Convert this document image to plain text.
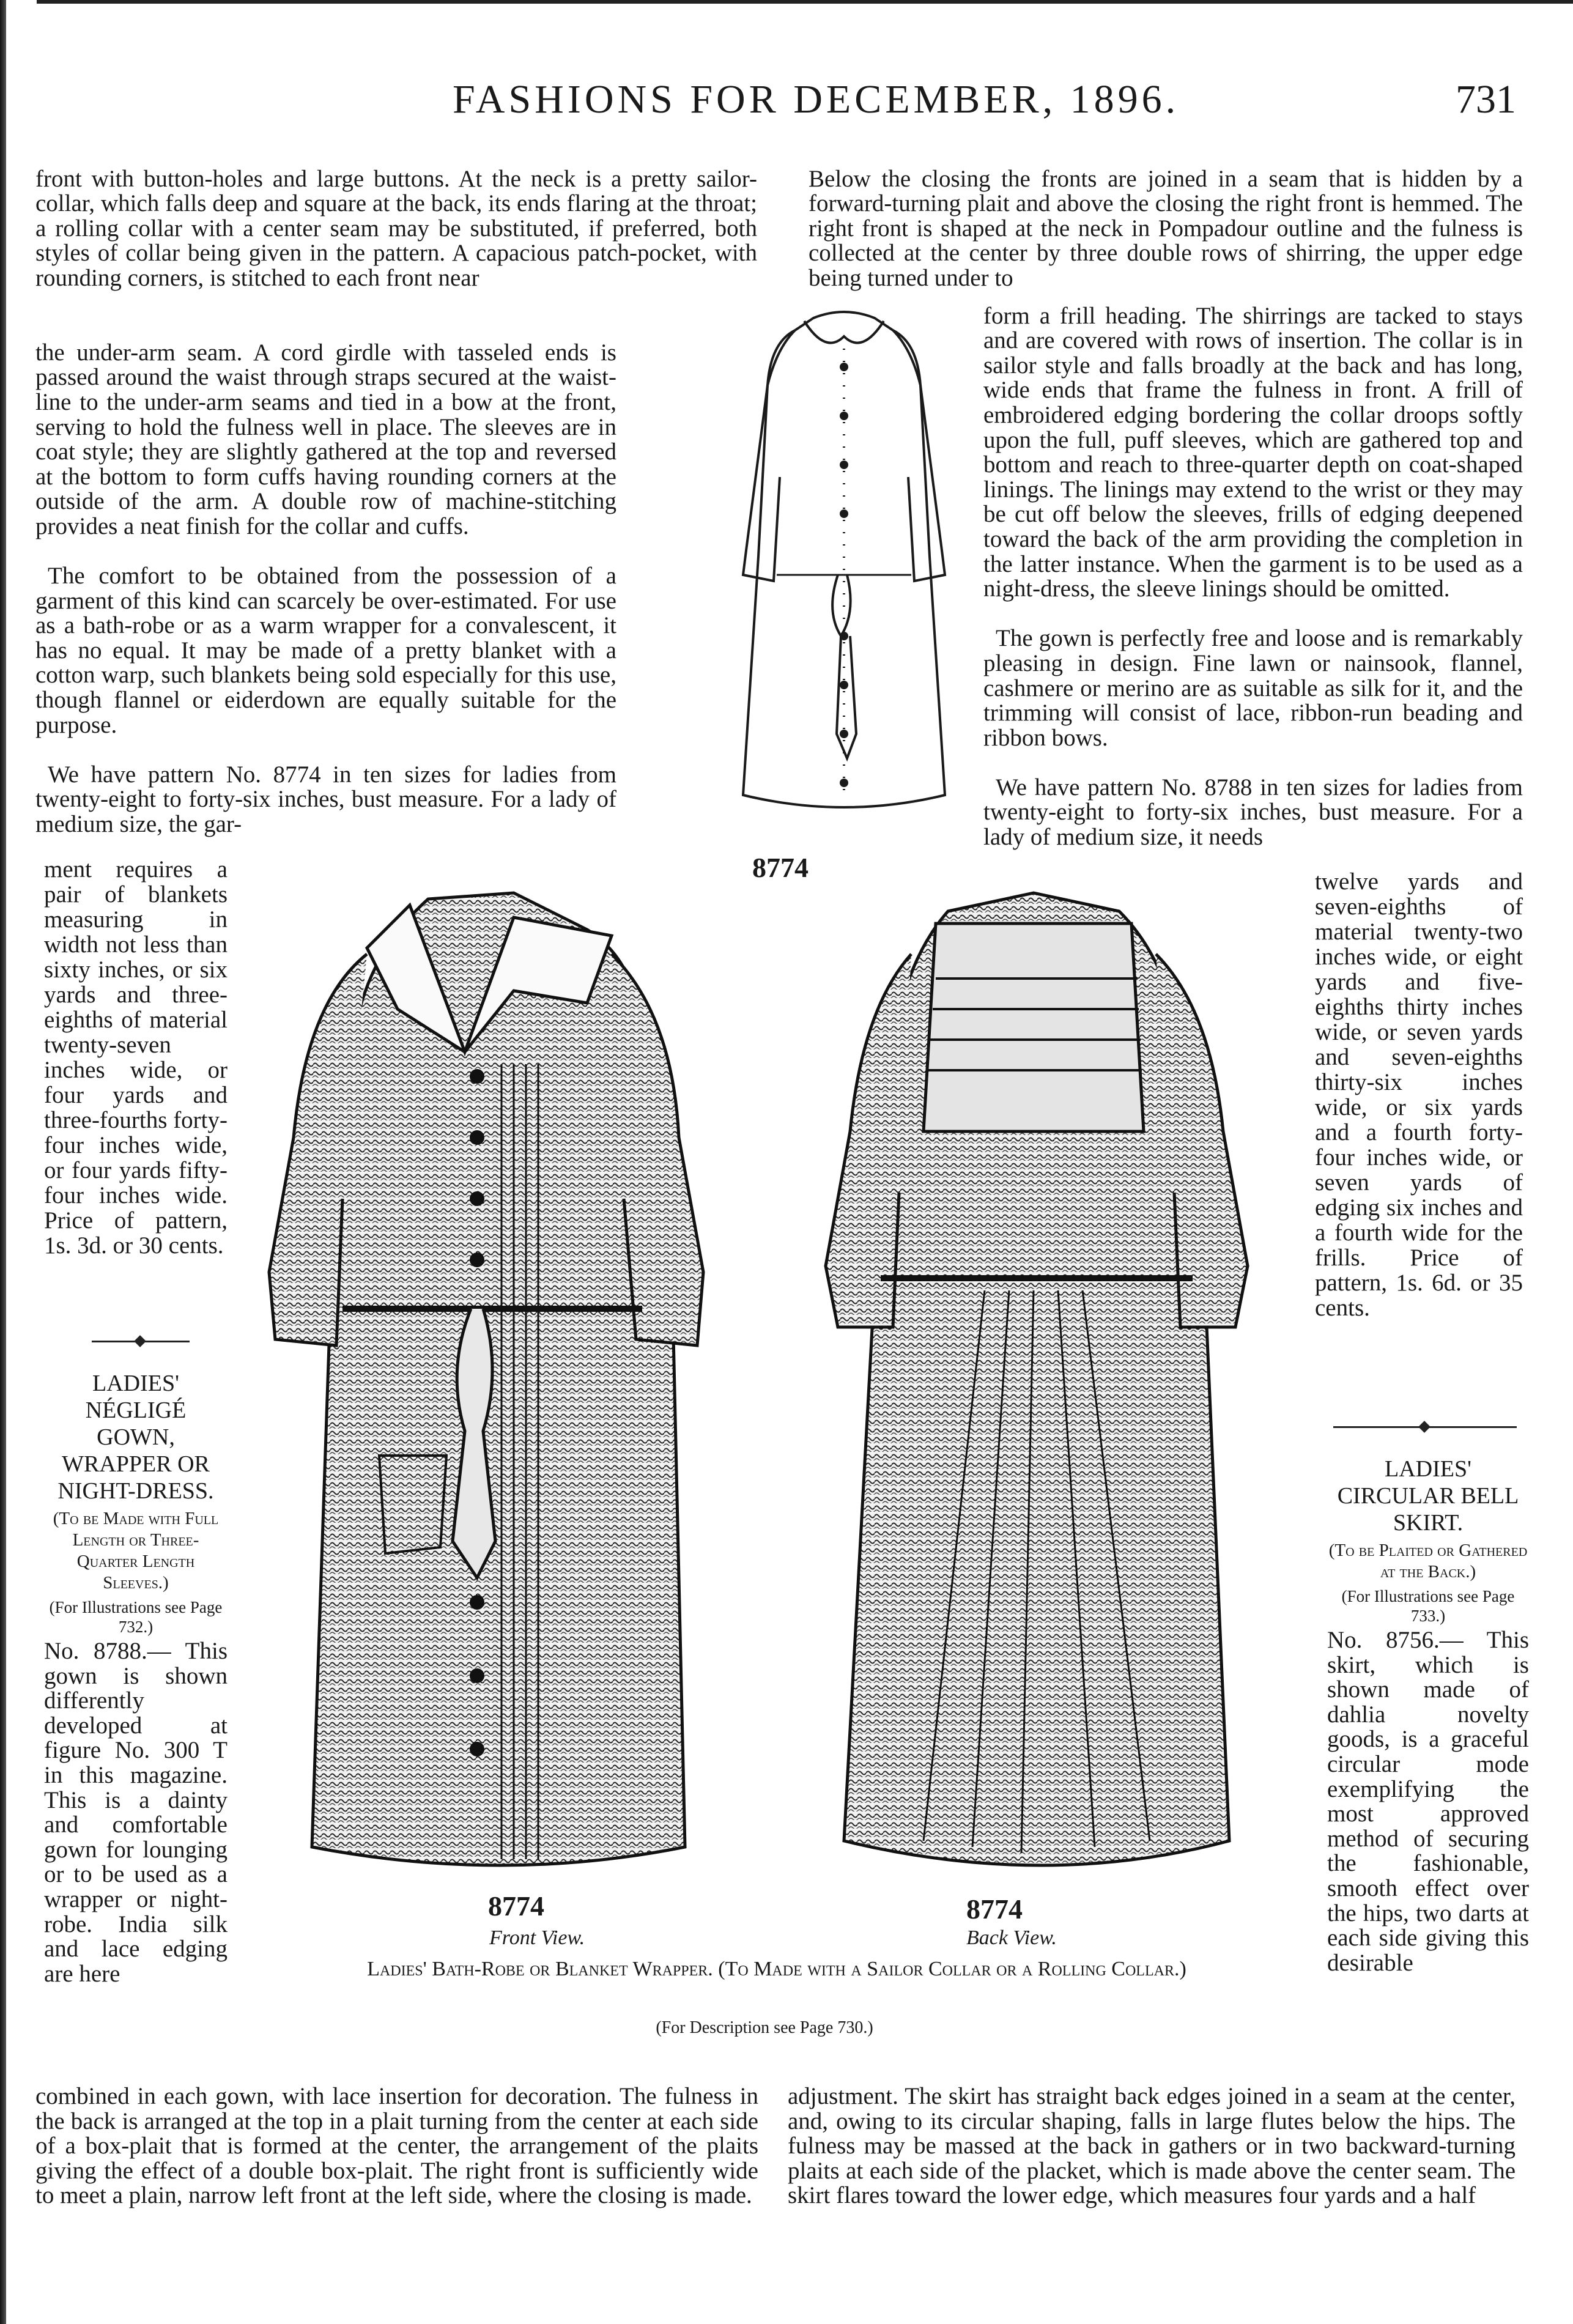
FASHIONS FOR DECEMBER, 1896.	731

front with button-holes and large buttons. At the neck is a pretty sailor-collar, which falls deep and square at the back, its ends flaring at the throat; a rolling collar with a center seam may be substituted, if preferred, both styles of collar being given in the pattern. A capacious patch-pocket, with rounding corners, is stitched to each front near

the under-arm seam. A cord girdle with tasseled ends is passed around the waist through straps secured at the waist-line to the under-arm seams and tied in a bow at the front, serving to hold the fulness well in place. The sleeves are in coat style; they are slightly gathered at the top and reversed at the bottom to form cuffs having rounding corners at the outside of the arm. A double row of machine-stitching provides a neat finish for the collar and cuffs.

The comfort to be obtained from the possession of a garment of this kind can scarcely be over-estimated. For use as a bath-robe or as a warm wrapper for a convalescent, it has no equal. It may be made of a pretty blanket with a cotton warp, such blankets being sold especially for this use, though flannel or eiderdown are equally suitable for the purpose.

We have pattern No. 8774 in ten sizes for ladies from twenty-eight to forty-six inches, bust measure. For a lady of medium size, the gar-

ment requires a pair of blankets measuring in width not less than sixty inches, or six yards and three-eighths of material twenty-seven inches wide, or four yards and three-fourths forty-four inches wide, or four yards fifty-four inches wide. Price of pattern, 1s. 3d. or 30 cents.

LADIES' NÉGLIGÉ GOWN, WRAPPER OR NIGHT-DRESS.
(To be Made with Full Length or Three-Quarter Length Sleeves.)
(For Illustrations see Page 732.)
No. 8788.— This gown is shown differently developed at figure No. 300 T in this magazine. This is a dainty and comfortable gown for lounging or to be used as a wrapper or night-robe. India silk and lace edging are here
combined in each gown, with lace insertion for decoration. The fulness in the back is arranged at the top in a plait turning from the center at each side of a box-plait that is formed at the center, the arrangement of the plaits giving the effect of a double box-plait. The right front is sufficiently wide to meet a plain, narrow left front at the left side, where the closing is made.

Below the closing the fronts are joined in a seam that is hidden by a forward-turning plait and above the closing the right front is hemmed. The right front is shaped at the neck in Pompadour outline and the fulness is collected at the center by three double rows of shirring, the upper edge being turned under to

form a frill heading. The shirrings are tacked to stays and are covered with rows of insertion. The collar is in sailor style and falls broadly at the back and has long, wide ends that frame the fulness in front. A frill of embroidered edging bordering the collar droops softly upon the full, puff sleeves, which are gathered top and bottom and reach to three-quarter depth on coat-shaped linings. The linings may extend to the wrist or they may be cut off below the sleeves, frills of edging deepened toward the back of the arm providing the completion in the latter instance. When the garment is to be used as a night-dress, the sleeve linings should be omitted.

The gown is perfectly free and loose and is remarkably pleasing in design. Fine lawn or nainsook, flannel, cashmere or merino are as suitable as silk for it, and the trimming will consist of lace, ribbon-run beading and ribbon bows.

We have pattern No. 8788 in ten sizes for ladies from twenty-eight to forty-six inches, bust measure. For a lady of medium size, it needs

twelve yards and seven-eighths of material twenty-two inches wide, or eight yards and five-eighths thirty inches wide, or seven yards and seven-eighths thirty-six inches wide, or six yards and a fourth forty-four inches wide, or seven yards of edging six inches and a fourth wide for the frills. Price of pattern, 1s. 6d. or 35 cents.

LADIES' CIRCULAR BELL SKIRT.
(To be Plaited or Gathered at the Back.)
(For Illustrations see Page 733.)
No. 8756.— This skirt, which is shown made of dahlia novelty goods, is a graceful circular mode exemplifying the most approved method of securing the fashionable, smooth effect over the hips, two darts at each side giving this desirable
adjustment. The skirt has straight back edges joined in a seam at the center, and, owing to its circular shaping, falls in large flutes below the hips. The fulness may be massed at the back in gathers or in two backward-turning plaits at each side of the placket, which is made above the center seam. The skirt flares toward the lower edge, which measures four yards and a half
8774
8774
Front View.
8774
Back View.
Ladies' Bath-Robe or Blanket Wrapper. (To Made with a Sailor Collar or a Rolling Collar.)
(For Description see Page 730.)
